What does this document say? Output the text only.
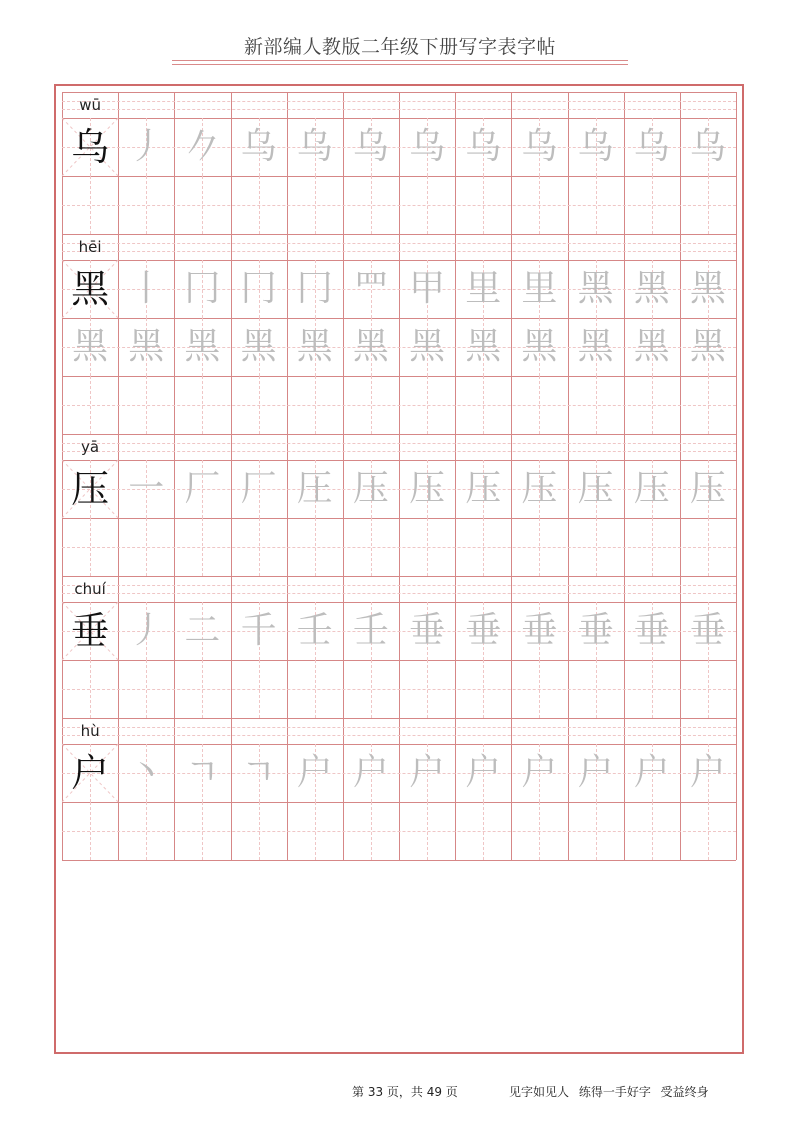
新部编人教版二年级下册写字表字帖
wū
乌 丿 𠂊 乌 乌 乌 乌 乌 乌 乌 乌 乌
hēi
黑 丨 冂 冂 冂 罒 甲 里 里 黑 黑 黑
黑 黑 黑 黑 黑 黑 黑 黑 黑 黑 黑 黑
yā
压 一 厂 厂 圧 压 压 压 压 压 压 压
chuí
垂 丿 二 千 壬 壬 垂 垂 垂 垂 垂 垂
hù
户 丶 ㄱ ㄱ 户 户 户 户 户 户 户 户
第 33 页，共 49 页	见字如见人 练得一手好字 受益终身
